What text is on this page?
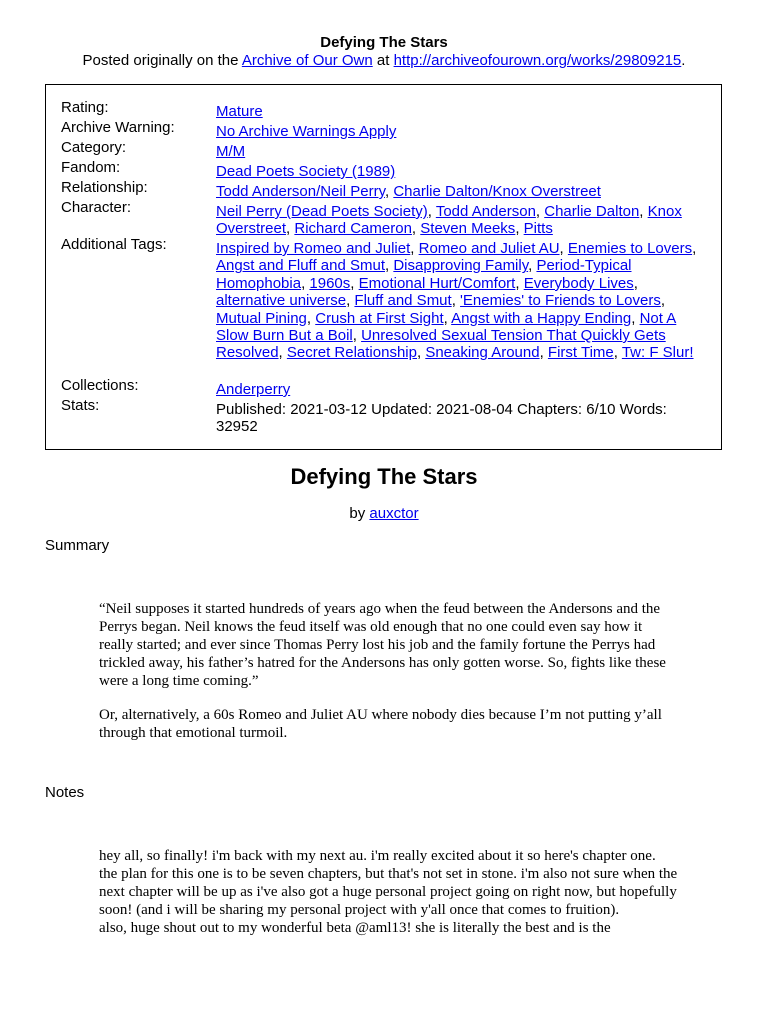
Defying The Stars
Posted originally on the Archive of Our Own at http://archiveofourown.org/works/29809215.
Rating:	Mature
Archive Warning:	No Archive Warnings Apply
Category:	M/M
Fandom:	Dead Poets Society (1989)
Relationship:	Todd Anderson/Neil Perry, Charlie Dalton/Knox Overstreet
Character:	Neil Perry (Dead Poets Society), Todd Anderson, Charlie Dalton, Knox Overstreet, Richard Cameron, Steven Meeks, Pitts
Additional Tags:	Inspired by Romeo and Juliet, Romeo and Juliet AU, Enemies to Lovers, Angst and Fluff and Smut, Disapproving Family, Period-Typical Homophobia, 1960s, Emotional Hurt/Comfort, Everybody Lives, alternative universe, Fluff and Smut, 'Enemies' to Friends to Lovers, Mutual Pining, Crush at First Sight, Angst with a Happy Ending, Not A Slow Burn But a Boil, Unresolved Sexual Tension That Quickly Gets Resolved, Secret Relationship, Sneaking Around, First Time, Tw: F Slur!
Collections:	Anderperry
Stats:	Published: 2021-03-12 Updated: 2021-08-04 Chapters: 6/10 Words:
32952
Defying The Stars
by auxctor
Summary

“Neil supposes it started hundreds of years ago when the feud between the Andersons and the Perrys began. Neil knows the feud itself was old enough that no one could even say how it really started; and ever since Thomas Perry lost his job and the family fortune the Perrys had trickled away, his father’s hatred for the Andersons has only gotten worse. So, fights like these were a long time coming.”

Or, alternatively, a 60s Romeo and Juliet AU where nobody dies because I’m not putting y’all through that emotional turmoil.

Notes

hey all, so finally! i'm back with my next au. i'm really excited about it so here's chapter one.

the plan for this one is to be seven chapters, but that's not set in stone. i'm also not sure when the next chapter will be up as i've also got a huge personal project going on right now, but hopefully soon! (and i will be sharing my personal project with y'all once that comes to fruition).

also, huge shout out to my wonderful beta @aml13! she is literally the best and is the
